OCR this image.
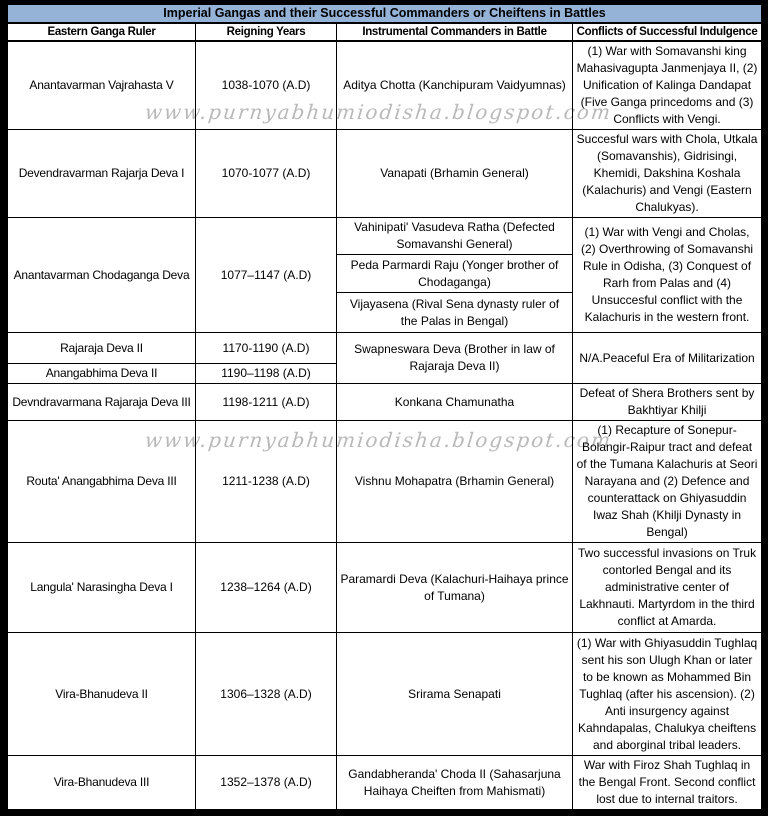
www.purnyabhumiodisha.blogspot.com
www.purnyabhumiodisha.blogspot.com
Imperial Gangas and their Successful Commanders or Cheiftens in Battles			
Eastern Ganga Ruler	Reigning Years	Instrumental Commanders in Battle	Conflicts of Successful Indulgence
Anantavarman Vajrahasta V	1038-1070 (A.D)	Aditya Chotta (Kanchipuram Vaidyumnas)	(1) War with Somavanshi king Mahasivagupta Janmenjaya II, (2) Unification of Kalinga Dandapat (Five Ganga princedoms and (3) Conflicts with Vengi.
Devendravarman Rajarja Deva I	1070-1077 (A.D)	Vanapati (Brhamin General)	Succesful wars with Chola, Utkala (Somavanshis), Gidrisingi, Khemidi, Dakshina Koshala (Kalachuris) and Vengi (Eastern Chalukyas).
Anantavarman Chodaganga Deva	1077–1147 (A.D)	Vahinipati' Vasudeva Ratha (Defected Somavanshi General)	(1) War with Vengi and Cholas, (2) Overthrowing of Somavanshi Rule in Odisha, (3) Conquest of Rarh from Palas and (4) Unsuccesful conflict with the Kalachuris in the western front.
		Peda Parmardi Raju (Yonger brother of Chodaganga)	
		Vijayasena (Rival Sena dynasty ruler of the Palas in Bengal)	
Rajaraja Deva II	1170-1190 (A.D)	Swapneswara Deva (Brother in law of Rajaraja Deva II)	N/A.Peaceful Era of Militarization
Anangabhima Deva II	1190–1198 (A.D)		
Devndravarmana Rajaraja Deva III	1198-1211 (A.D)	Konkana Chamunatha	Defeat of Shera Brothers sent by Bakhtiyar Khilji
Routa' Anangabhima Deva III	1211-1238 (A.D)	Vishnu Mohapatra (Brhamin General)	(1) Recapture of Sonepur-Bolangir-Raipur tract and defeat of the Tumana Kalachuris at Seori Narayana and (2) Defence and counterattack on Ghiyasuddin Iwaz Shah (Khilji Dynasty in Bengal)
Langula' Narasingha Deva I	1238–1264 (A.D)	Paramardi Deva (Kalachuri-Haihaya prince of Tumana)	Two successful invasions on Truk contorled Bengal and its administrative center of Lakhnauti. Martyrdom in the third conflict at Amarda.
Vira-Bhanudeva II	1306–1328 (A.D)	Srirama Senapati	(1) War with Ghiyasuddin Tughlaq sent his son Ulugh Khan or later to be known as Mohammed Bin Tughlaq (after his ascension). (2) Anti insurgency against Kahndapalas, Chalukya cheiftens and aborginal tribal leaders.
Vira-Bhanudeva III	1352–1378 (A.D)	Gandabheranda' Choda II (Sahasarjuna Haihaya Cheiften from Mahismati)	War with Firoz Shah Tughlaq in the Bengal Front. Second conflict lost due to internal traitors.
